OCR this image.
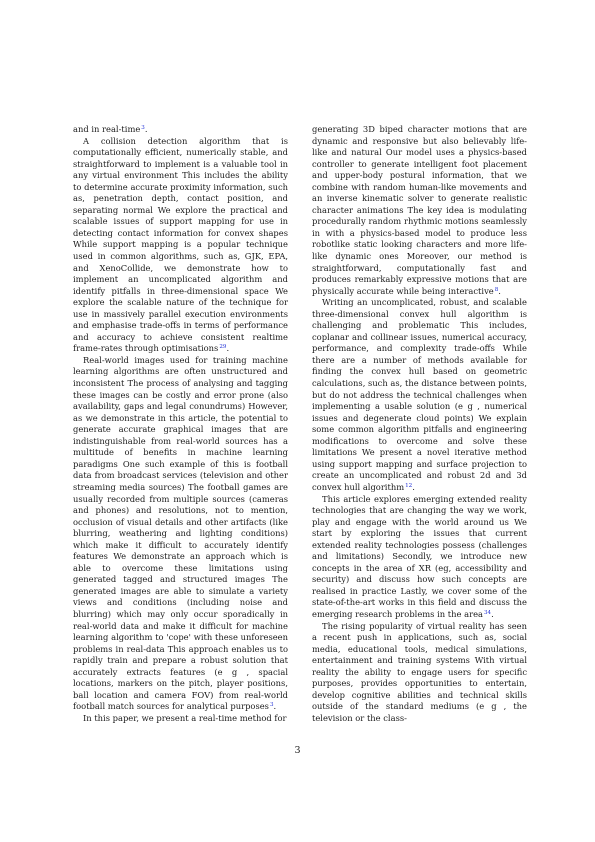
and in real-time$^3$.

A collision detection algorithm that is computationally efficient, numerically stable, and straightforward to implement is a valuable tool in any virtual environment This includes the ability to determine accurate proximity information, such as, penetration depth, contact position, and separating normal We explore the practical and scalable issues of support mapping for use in detecting contact information for convex shapes While support mapping is a popular technique used in common algorithms, such as, GJK, EPA, and XenoCollide, we demonstrate how to implement an uncomplicated algorithm and identify pitfalls in three-dimensional space We explore the scalable nature of the technique for use in massively parallel execution environments and emphasise trade-offs in terms of performance and accuracy to achieve consistent realtime frame-rates through optimisations$^{29}$.

Real-world images used for training machine learning algorithms are often unstructured and inconsistent The process of analysing and tagging these images can be costly and error prone (also availability, gaps and legal conundrums) However, as we demonstrate in this article, the potential to generate accurate graphical images that are indistinguishable from real-world sources has a multitude of benefits in machine learning paradigms One such example of this is football data from broadcast services (television and other streaming media sources) The football games are usually recorded from multiple sources (cameras and phones) and resolutions, not to mention, occlusion of visual details and other artifacts (like blurring, weathering and lighting conditions) which make it difficult to accurately identify features We demonstrate an approach which is able to overcome these limitations using generated tagged and structured images The generated images are able to simulate a variety views and conditions (including noise and blurring) which may only occur sporadically in real-world data and make it difficult for machine learning algorithm to 'cope' with these unforeseen problems in real-data This approach enables us to rapidly train and prepare a robust solution that accurately extracts features (e g , spacial locations, markers on the pitch, player positions, ball location and camera FOV) from real-world football match sources for analytical purposes$^3$.

In this paper, we present a real-time method for

generating 3D biped character motions that are dynamic and responsive but also believably life-like and natural Our model uses a physics-based controller to generate intelligent foot placement and upper-body postural information, that we combine with random human-like movements and an inverse kinematic solver to generate realistic character animations The key idea is modulating procedurally random rhythmic motions seamlessly in with a physics-based model to produce less robotlike static looking characters and more life-like dynamic ones Moreover, our method is straightforward, computationally fast and produces remarkably expressive motions that are physically accurate while being interactive$^8$.

Writing an uncomplicated, robust, and scalable three-dimensional convex hull algorithm is challenging and problematic This includes, coplanar and collinear issues, numerical accuracy, performance, and complexity trade-offs While there are a number of methods available for finding the convex hull based on geometric calculations, such as, the distance between points, but do not address the technical challenges when implementing a usable solution (e g , numerical issues and degenerate cloud points) We explain some common algorithm pitfalls and engineering modifications to overcome and solve these limitations We present a novel iterative method using support mapping and surface projection to create an uncomplicated and robust 2d and 3d convex hull algorithm$^{12}$.

This article explores emerging extended reality technologies that are changing the way we work, play and engage with the world around us We start by exploring the issues that current extended reality technologies possess (challenges and limitations) Secondly, we introduce new concepts in the area of XR (eg, accessibility and security) and discuss how such concepts are realised in practice Lastly, we cover some of the state-of-the-art works in this field and discuss the emerging research problems in the area$^{34}$.

The rising popularity of virtual reality has seen a recent push in applications, such as, social media, educational tools, medical simulations, entertainment and training systems With virtual reality the ability to engage users for specific purposes, provides opportunities to entertain, develop cognitive abilities and technical skills outside of the standard mediums (e g , the television or the class-

3
